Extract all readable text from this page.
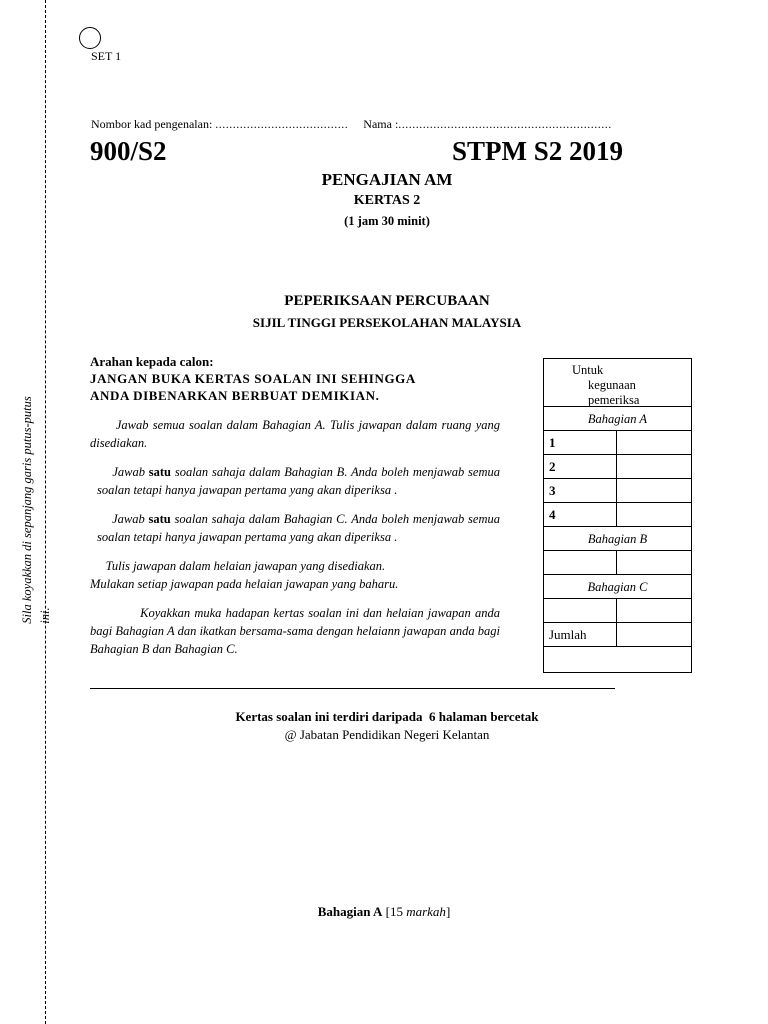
Sila koyakkan di sepanjang garis putus-putus ini.
SET 1
Nombor kad pengenalan: ...................................... Nama :.............................................................
900/S2	STPM S2 2019
PENGAJIAN AM
KERTAS 2
(1 jam 30 minit)
PEPERIKSAAN PERCUBAAN
SIJIL TINGGI PERSEKOLAHAN MALAYSIA
Arahan kepada calon:
JANGAN BUKA KERTAS SOALAN INI SEHINGGA
ANDA DIBENARKAN BERBUAT DEMIKIAN.

Jawab semua soalan dalam Bahagian A. Tulis jawapan dalam ruang yang disediakan.

Jawab satu soalan sahaja dalam Bahagian B. Anda boleh menjawab semua soalan tetapi hanya jawapan pertama yang akan diperiksa .

Jawab satu soalan sahaja dalam Bahagian C. Anda boleh menjawab semua soalan tetapi hanya jawapan pertama yang akan diperiksa .

Tulis jawapan dalam helaian jawapan yang disediakan.
Mulakan setiap jawapan pada helaian jawapan yang baharu.

Koyakkan muka hadapan kertas soalan ini dan helaian jawapan anda bagi Bahagian A dan ikatkan bersama-sama dengan helaiann jawapan anda bagi Bahagian B dan Bahagian C.

Untuk
kegunaan
pemeriksa
Bahagian A
1
2
3
4
Bahagian B
Bahagian C
Jumlah
Kertas soalan ini terdiri daripada  6 halaman bercetak
@ Jabatan Pendidikan Negeri Kelantan
Bahagian A [15 markah]
